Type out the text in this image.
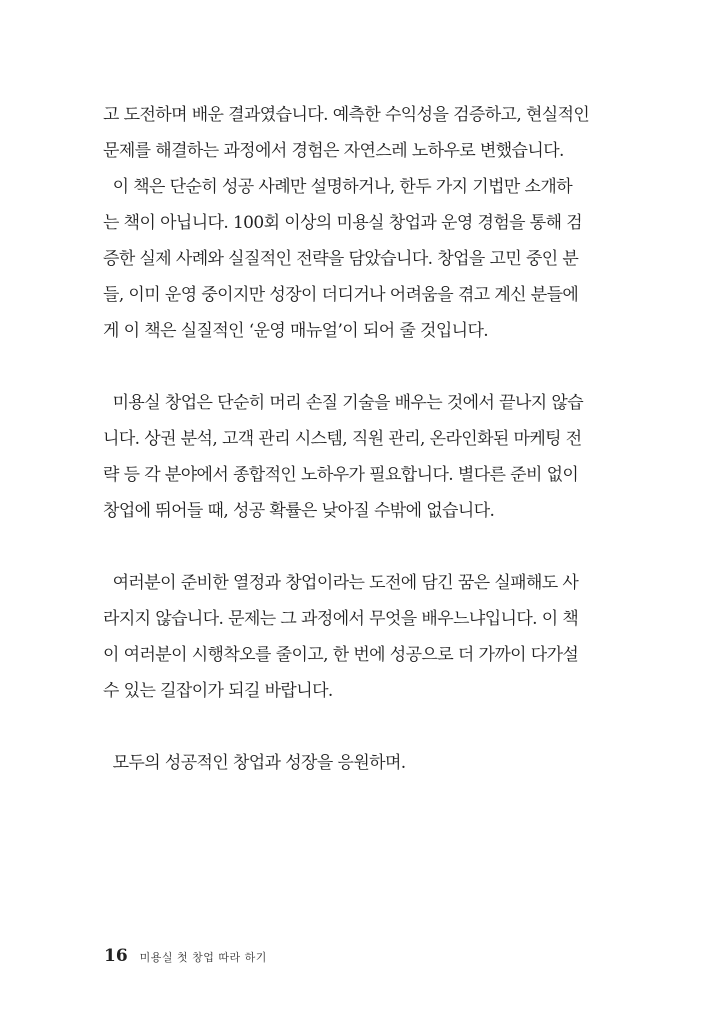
고 도전하며 배운 결과였습니다. 예측한 수익성을 검증하고, 현실적인
문제를 해결하는 과정에서 경험은 자연스레 노하우로 변했습니다.
이 책은 단순히 성공 사례만 설명하거나, 한두 가지 기법만 소개하
는 책이 아닙니다. 100회 이상의 미용실 창업과 운영 경험을 통해 검
증한 실제 사례와 실질적인 전략을 담았습니다. 창업을 고민 중인 분
들, 이미 운영 중이지만 성장이 더디거나 어려움을 겪고 계신 분들에
게 이 책은 실질적인 ‘운영 매뉴얼’이 되어 줄 것입니다.
미용실 창업은 단순히 머리 손질 기술을 배우는 것에서 끝나지 않습
니다. 상권 분석, 고객 관리 시스템, 직원 관리, 온라인화된 마케팅 전
략 등 각 분야에서 종합적인 노하우가 필요합니다. 별다른 준비 없이
창업에 뛰어들 때, 성공 확률은 낮아질 수밖에 없습니다.
여러분이 준비한 열정과 창업이라는 도전에 담긴 꿈은 실패해도 사
라지지 않습니다. 문제는 그 과정에서 무엇을 배우느냐입니다. 이 책
이 여러분이 시행착오를 줄이고, 한 번에 성공으로 더 가까이 다가설
수 있는 길잡이가 되길 바랍니다.
모두의 성공적인 창업과 성장을 응원하며.
16 미용실 첫 창업 따라 하기
